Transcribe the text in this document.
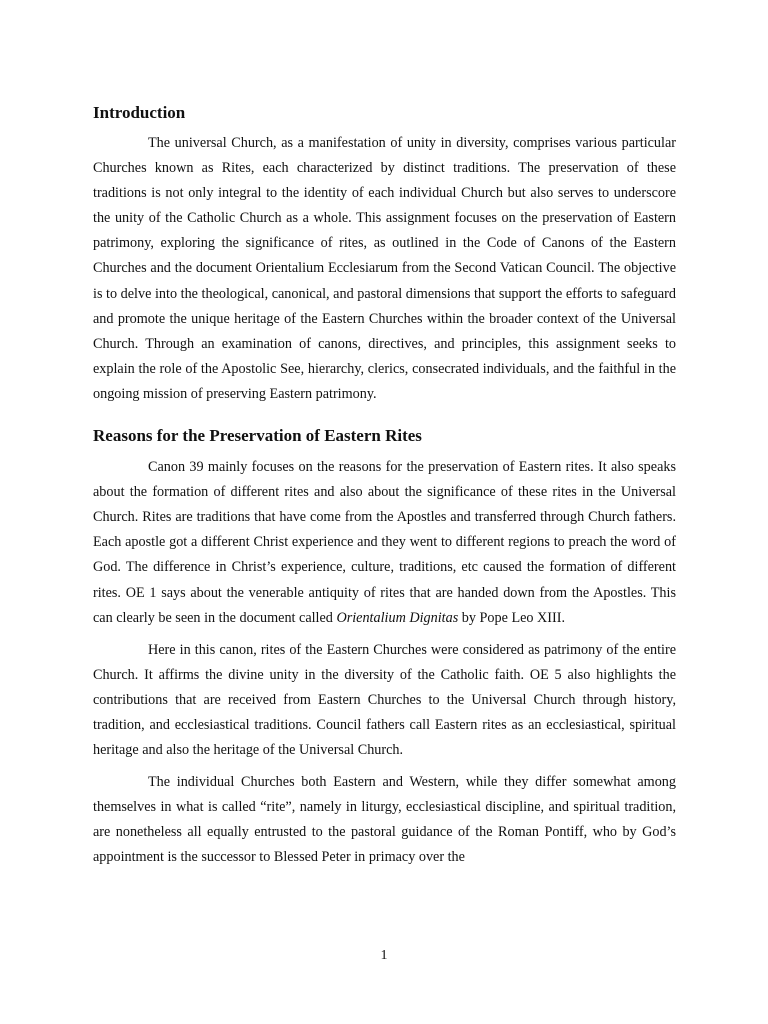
Introduction

The universal Church, as a manifestation of unity in diversity, comprises various particular Churches known as Rites, each characterized by distinct traditions. The preservation of these traditions is not only integral to the identity of each individual Church but also serves to underscore the unity of the Catholic Church as a whole. This assignment focuses on the preservation of Eastern patrimony, exploring the significance of rites, as outlined in the Code of Canons of the Eastern Churches and the document Orientalium Ecclesiarum from the Second Vatican Council. The objective is to delve into the theological, canonical, and pastoral dimensions that support the efforts to safeguard and promote the unique heritage of the Eastern Churches within the broader context of the Universal Church. Through an examination of canons, directives, and principles, this assignment seeks to explain the role of the Apostolic See, hierarchy, clerics, consecrated individuals, and the faithful in the ongoing mission of preserving Eastern patrimony.

Reasons for the Preservation of Eastern Rites

Canon 39 mainly focuses on the reasons for the preservation of Eastern rites. It also speaks about the formation of different rites and also about the significance of these rites in the Universal Church. Rites are traditions that have come from the Apostles and transferred through Church fathers. Each apostle got a different Christ experience and they went to different regions to preach the word of God. The difference in Christ’s experience, culture, traditions, etc caused the formation of different rites. OE 1 says about the venerable antiquity of rites that are handed down from the Apostles. This can clearly be seen in the document called Orientalium Dignitas by Pope Leo XIII.

Here in this canon, rites of the Eastern Churches were considered as patrimony of the entire Church. It affirms the divine unity in the diversity of the Catholic faith. OE 5 also highlights the contributions that are received from Eastern Churches to the Universal Church through history, tradition, and ecclesiastical traditions. Council fathers call Eastern rites as an ecclesiastical, spiritual heritage and also the heritage of the Universal Church.

The individual Churches both Eastern and Western, while they differ somewhat among themselves in what is called “rite”, namely in liturgy, ecclesiastical discipline, and spiritual tradition, are nonetheless all equally entrusted to the pastoral guidance of the Roman Pontiff, who by God’s appointment is the successor to Blessed Peter in primacy over the

1
